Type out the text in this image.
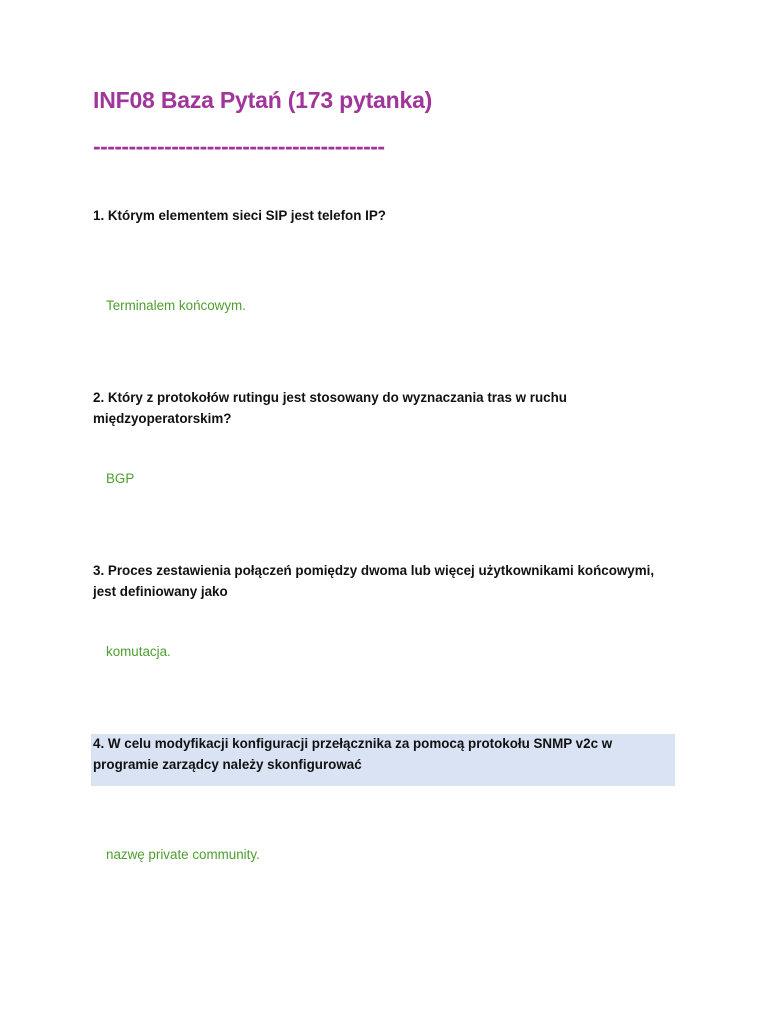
INF08 Baza Pytań (173 pytanka)
-----------------------------------------
1. Którym elementem sieci SIP jest telefon IP?
Terminalem końcowym.
2. Który z protokołów rutingu jest stosowany do wyznaczania tras w ruchu międzyoperatorskim?
BGP
3. Proces zestawienia połączeń pomiędzy dwoma lub więcej użytkownikami końcowymi, jest definiowany jako
komutacja.
4. W celu modyfikacji konfiguracji przełącznika za pomocą protokołu SNMP v2c w programie zarządcy należy skonfigurować
nazwę private community.
